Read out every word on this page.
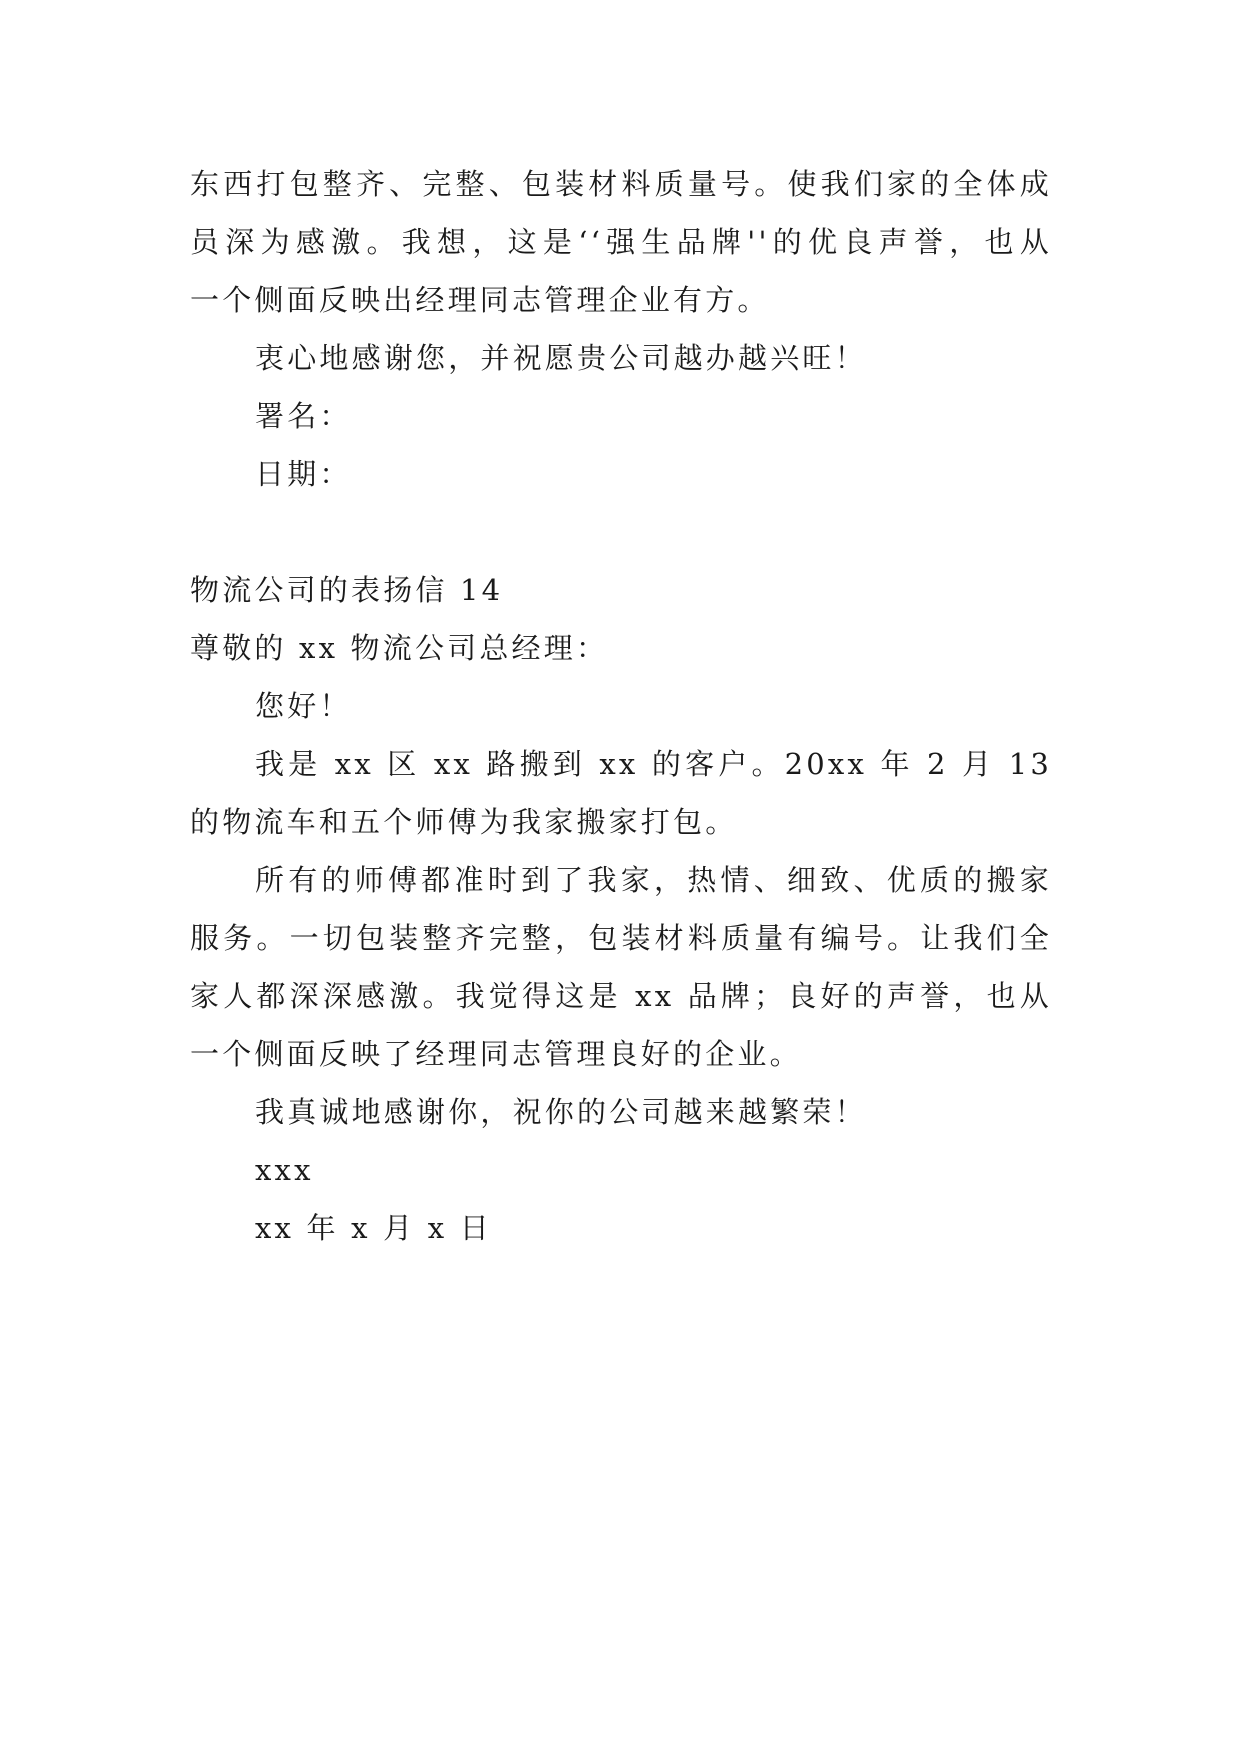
东西打包整齐、完整、包装材料质量号。使我们家的全体成

员深为感激。我想，这是‘‘强生品牌''的优良声誉，也从

一个侧面反映出经理同志管理企业有方。

衷心地感谢您，并祝愿贵公司越办越兴旺！

署名：

日期：

物流公司的表扬信 14

尊敬的 xx 物流公司总经理：

您好！

我是 xx 区 xx 路搬到 xx 的客户。20xx 年 2 月 13

的物流车和五个师傅为我家搬家打包。

所有的师傅都准时到了我家，热情、细致、优质的搬家

服务。一切包装整齐完整，包装材料质量有编号。让我们全

家人都深深感激。我觉得这是 xx 品牌；良好的声誉，也从

一个侧面反映了经理同志管理良好的企业。

我真诚地感谢你，祝你的公司越来越繁荣！

xxx

xx 年 x 月 x 日
